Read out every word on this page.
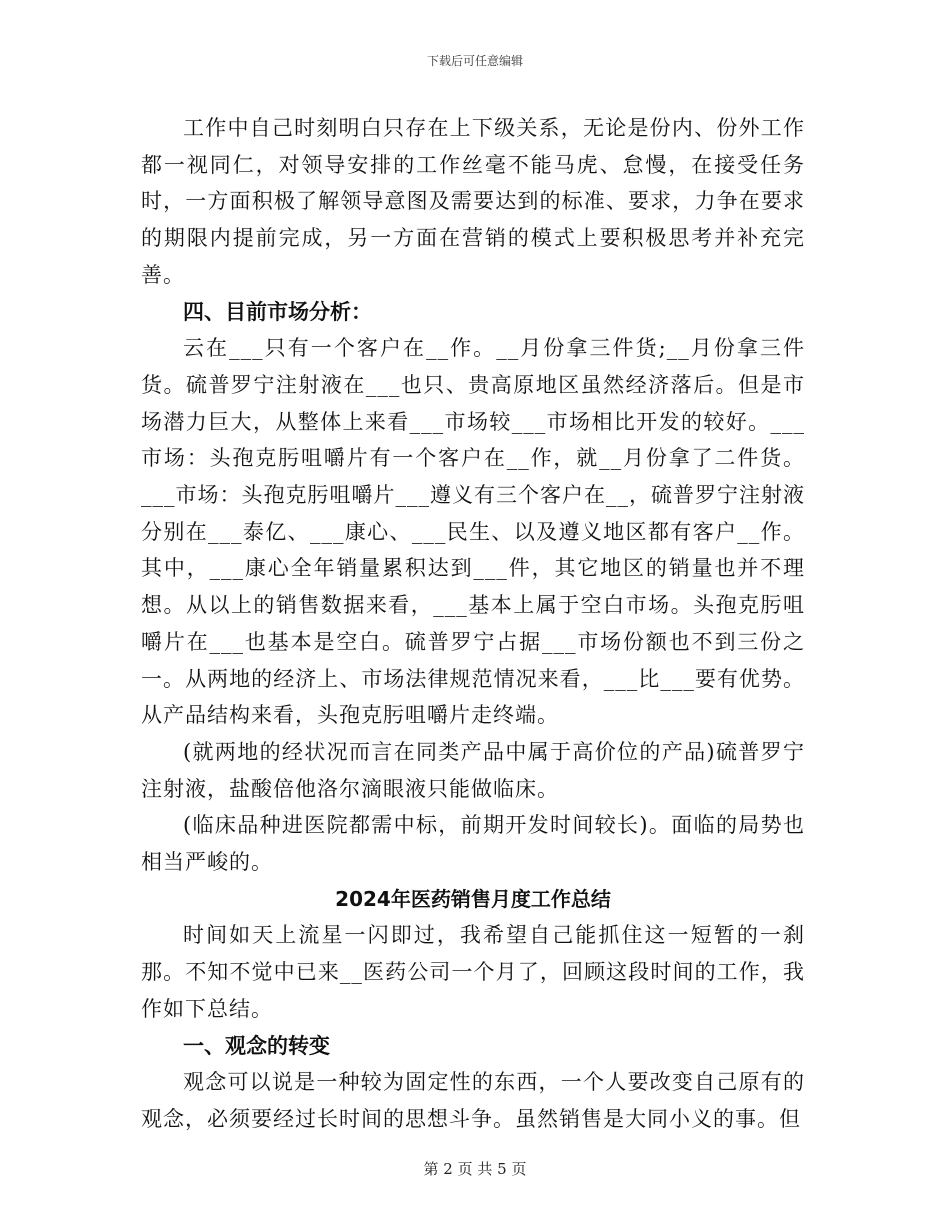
下载后可任意编辑

工作中自己时刻明白只存在上下级关系，无论是份内、份外工作都一视同仁，对领导安排的工作丝毫不能马虎、怠慢，在接受任务时，一方面积极了解领导意图及需要达到的标准、要求，力争在要求的期限内提前完成，另一方面在营销的模式上要积极思考并补充完善。

四、目前市场分析：

云在___只有一个客户在__作。__月份拿三件货;__月份拿三件货。硫普罗宁注射液在___也只、贵高原地区虽然经济落后。但是市场潜力巨大，从整体上来看___市场较___市场相比开发的较好。___市场：头孢克肟咀嚼片有一个客户在__作，就__月份拿了二件货。___市场：头孢克肟咀嚼片___遵义有三个客户在__，硫普罗宁注射液分别在___泰亿、___康心、___民生、以及遵义地区都有客户__作。其中，___康心全年销量累积达到___件，其它地区的销量也并不理想。从以上的销售数据来看，___基本上属于空白市场。头孢克肟咀嚼片在___也基本是空白。硫普罗宁占据___市场份额也不到三份之一。从两地的经济上、市场法律规范情况来看，___比___要有优势。从产品结构来看，头孢克肟咀嚼片走终端。

(就两地的经状况而言在同类产品中属于高价位的产品)硫普罗宁注射液，盐酸倍他洛尔滴眼液只能做临床。

(临床品种进医院都需中标，前期开发时间较长)。面临的局势也相当严峻的。

2024年医药销售月度工作总结

时间如天上流星一闪即过，我希望自己能抓住这一短暂的一刹那。不知不觉中已来__医药公司一个月了，回顾这段时间的工作，我作如下总结。

一、观念的转变

观念可以说是一种较为固定性的东西，一个人要改变自己原有的观念，必须要经过长时间的思想斗争。虽然销售是大同小义的事。但

第 2 页 共 5 页
